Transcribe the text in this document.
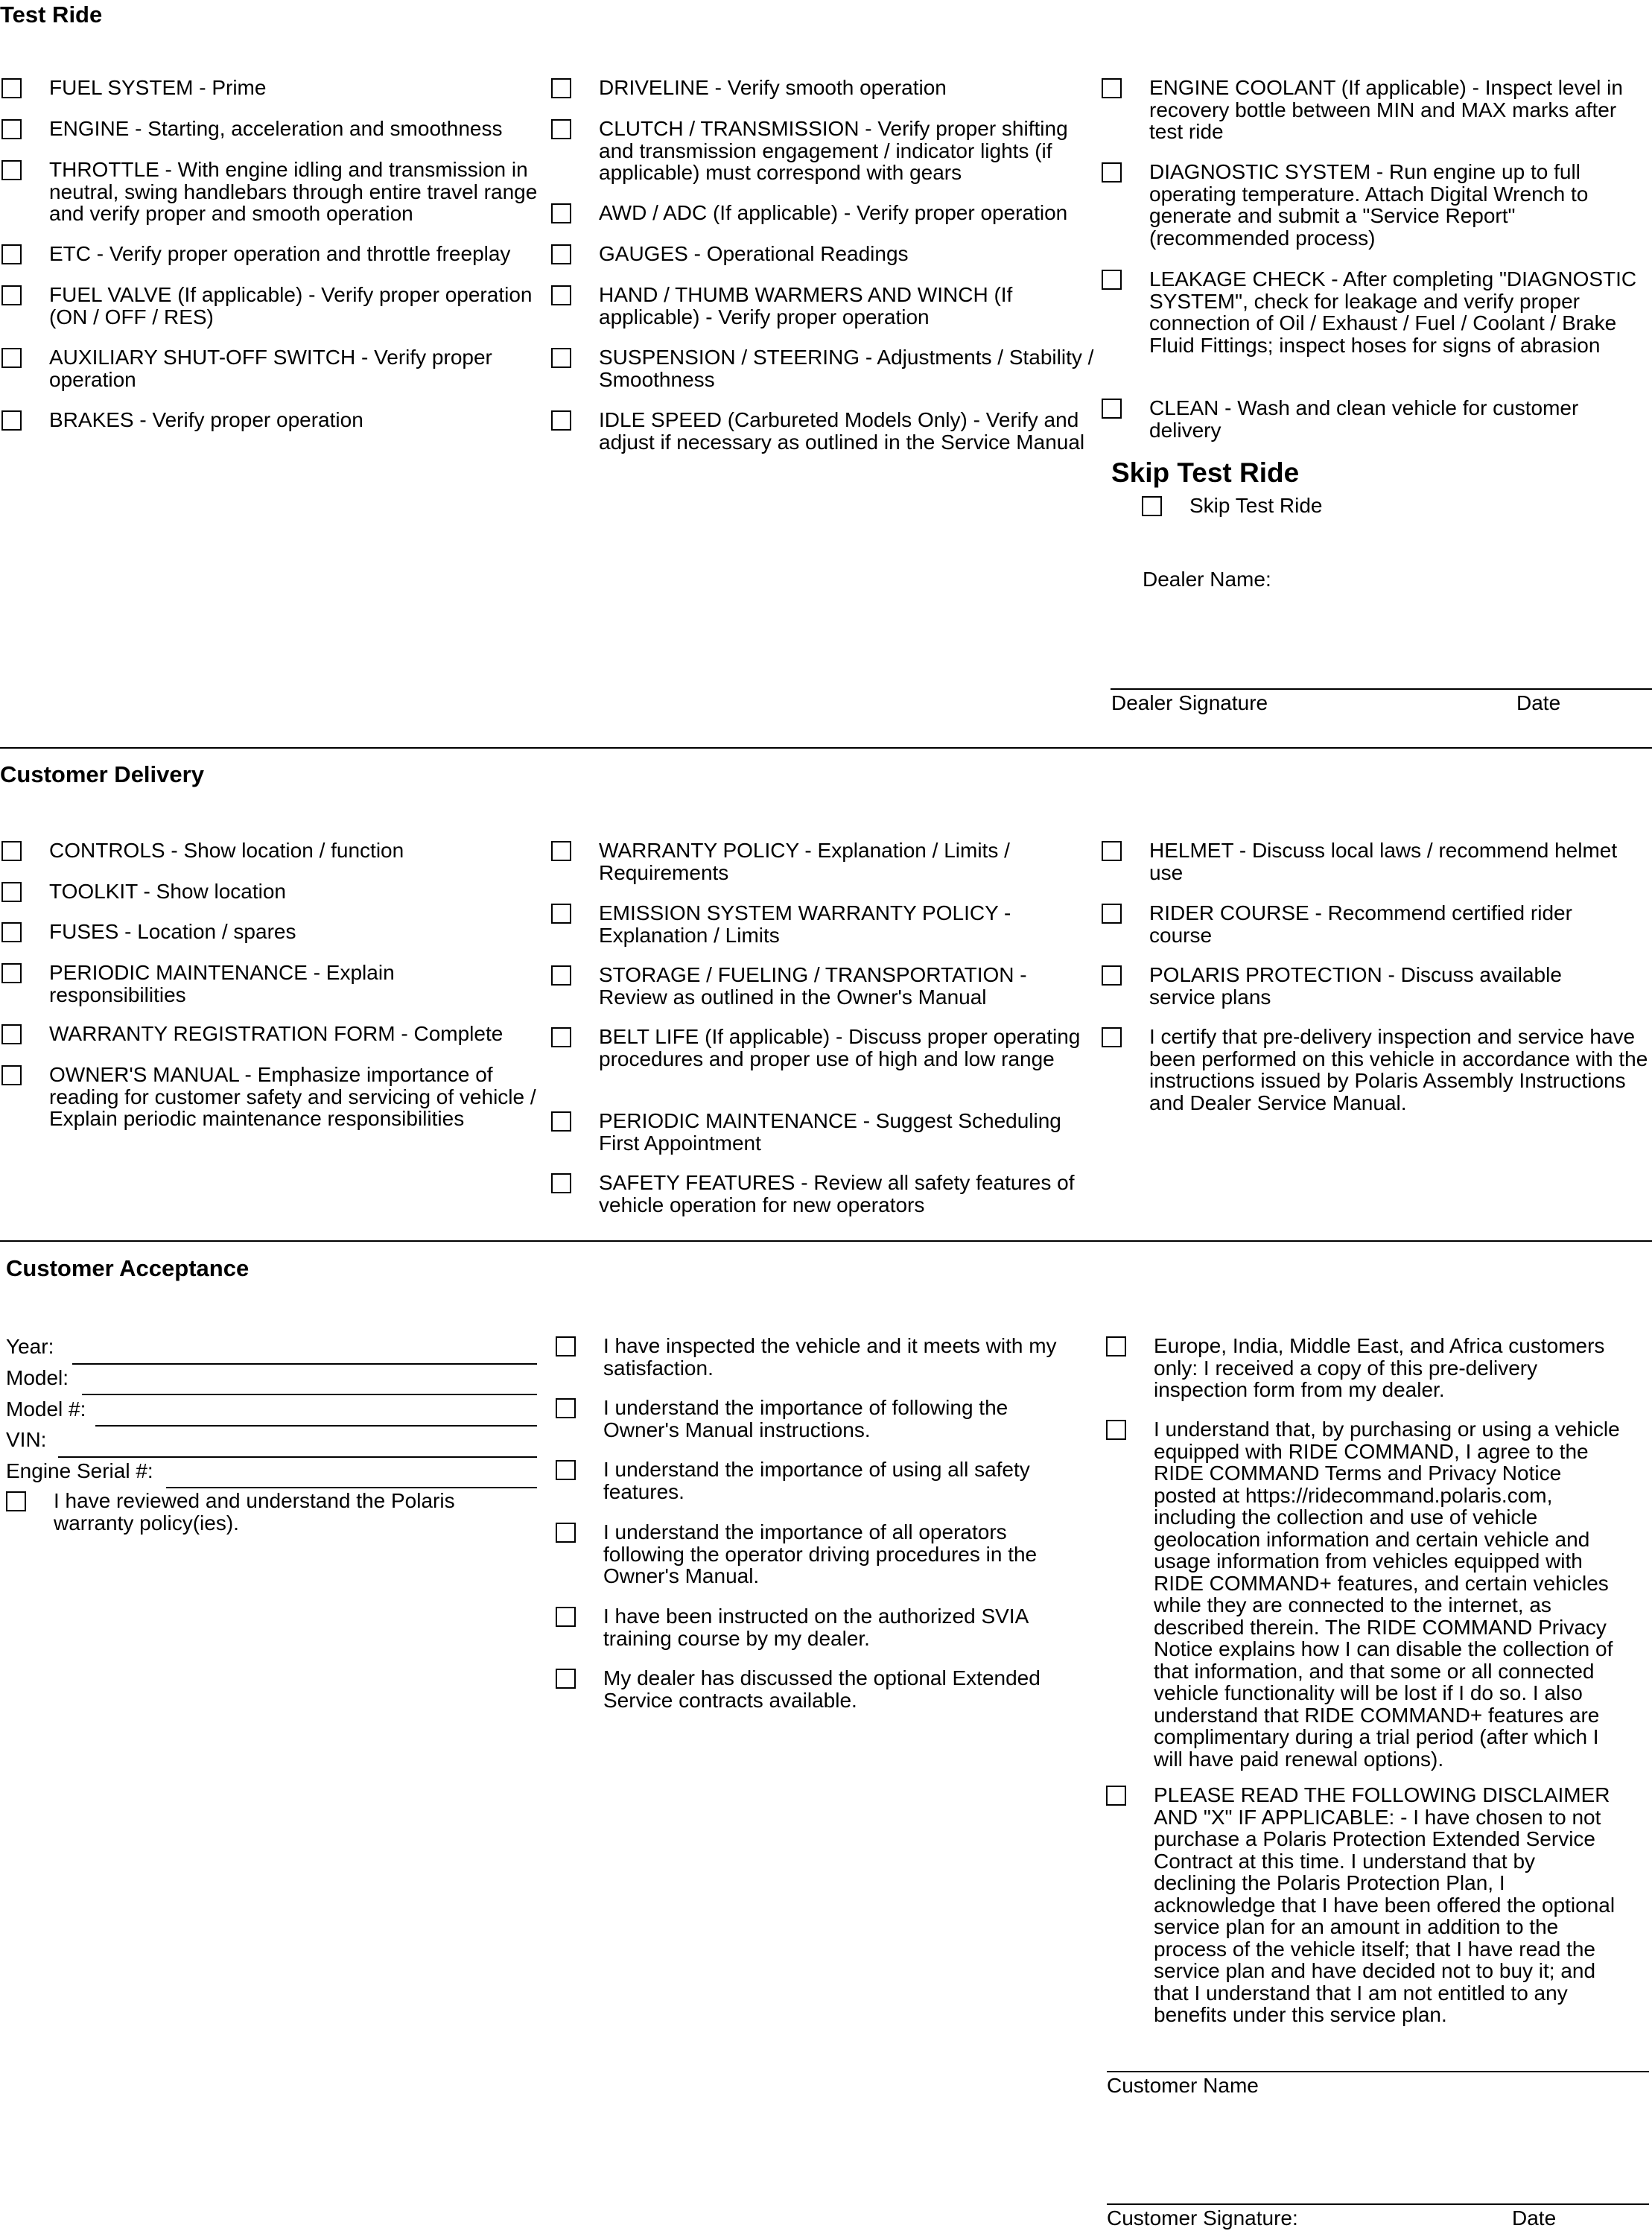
Test Ride
FUEL SYSTEM - Prime
ENGINE - Starting, acceleration and smoothness
THROTTLE - With engine idling and transmission in neutral, swing handlebars through entire travel range and verify proper and smooth operation
ETC - Verify proper operation and throttle freeplay
FUEL VALVE (If applicable) - Verify proper operation (ON / OFF / RES)
AUXILIARY SHUT-OFF SWITCH - Verify proper operation
BRAKES - Verify proper operation
DRIVELINE - Verify smooth operation
CLUTCH / TRANSMISSION - Verify proper shifting and transmission engagement / indicator lights (if applicable) must correspond with gears
AWD / ADC (If applicable) - Verify proper operation
GAUGES - Operational Readings
HAND / THUMB WARMERS AND WINCH (If applicable) - Verify proper operation
SUSPENSION / STEERING - Adjustments / Stability / Smoothness
IDLE SPEED (Carbureted Models Only) - Verify and adjust if necessary as outlined in the Service Manual
ENGINE COOLANT (If applicable) - Inspect level in recovery bottle between MIN and MAX marks after test ride
DIAGNOSTIC SYSTEM - Run engine up to full operating temperature. Attach Digital Wrench to generate and submit a "Service Report" (recommended process)
LEAKAGE CHECK - After completing "DIAGNOSTIC SYSTEM", check for leakage and verify proper connection of Oil / Exhaust / Fuel / Coolant / Brake Fluid Fittings; inspect hoses for signs of abrasion
CLEAN - Wash and clean vehicle for customer delivery
Skip Test Ride
Skip Test Ride
Dealer Name:
Dealer Signature	Date
Customer Delivery
CONTROLS - Show location / function
TOOLKIT - Show location
FUSES - Location / spares
PERIODIC MAINTENANCE - Explain responsibilities
WARRANTY REGISTRATION FORM - Complete
OWNER'S MANUAL - Emphasize importance of reading for customer safety and servicing of vehicle / Explain periodic maintenance responsibilities
WARRANTY POLICY - Explanation / Limits / Requirements
EMISSION SYSTEM WARRANTY POLICY - Explanation / Limits
STORAGE / FUELING / TRANSPORTATION - Review as outlined in the Owner's Manual
BELT LIFE (If applicable) - Discuss proper operating procedures and proper use of high and low range
PERIODIC MAINTENANCE - Suggest Scheduling First Appointment
SAFETY FEATURES - Review all safety features of vehicle operation for new operators
HELMET - Discuss local laws / recommend helmet use
RIDER COURSE - Recommend certified rider course
POLARIS PROTECTION - Discuss available service plans
I certify that pre-delivery inspection and service have been performed on this vehicle in accordance with the instructions issued by Polaris Assembly Instructions and Dealer Service Manual.
Customer Acceptance
Year:
Model:
Model #:
VIN:
Engine Serial #:
I have reviewed and understand the Polaris warranty policy(ies).
I have inspected the vehicle and it meets with my satisfaction.
I understand the importance of following the Owner's Manual instructions.
I understand the importance of using all safety features.
I understand the importance of all operators following the operator driving procedures in the Owner's Manual.
I have been instructed on the authorized SVIA training course by my dealer.
My dealer has discussed the optional Extended Service contracts available.
Europe, India, Middle East, and Africa customers only: I received a copy of this pre-delivery inspection form from my dealer.
I understand that, by purchasing or using a vehicle equipped with RIDE COMMAND, I agree to the RIDE COMMAND Terms and Privacy Notice posted at https://ridecommand.polaris.com, including the collection and use of vehicle geolocation information and certain vehicle and usage information from vehicles equipped with RIDE COMMAND+ features, and certain vehicles while they are connected to the internet, as described therein. The RIDE COMMAND Privacy Notice explains how I can disable the collection of that information, and that some or all connected vehicle functionality will be lost if I do so. I also understand that RIDE COMMAND+ features are complimentary during a trial period (after which I will have paid renewal options).
PLEASE READ THE FOLLOWING DISCLAIMER AND "X" IF APPLICABLE: - I have chosen to not purchase a Polaris Protection Extended Service Contract at this time. I understand that by declining the Polaris Protection Plan, I acknowledge that I have been offered the optional service plan for an amount in addition to the process of the vehicle itself; that I have read the service plan and have decided not to buy it; and that I understand that I am not entitled to any benefits under this service plan.
Customer Name
Customer Signature:	Date
